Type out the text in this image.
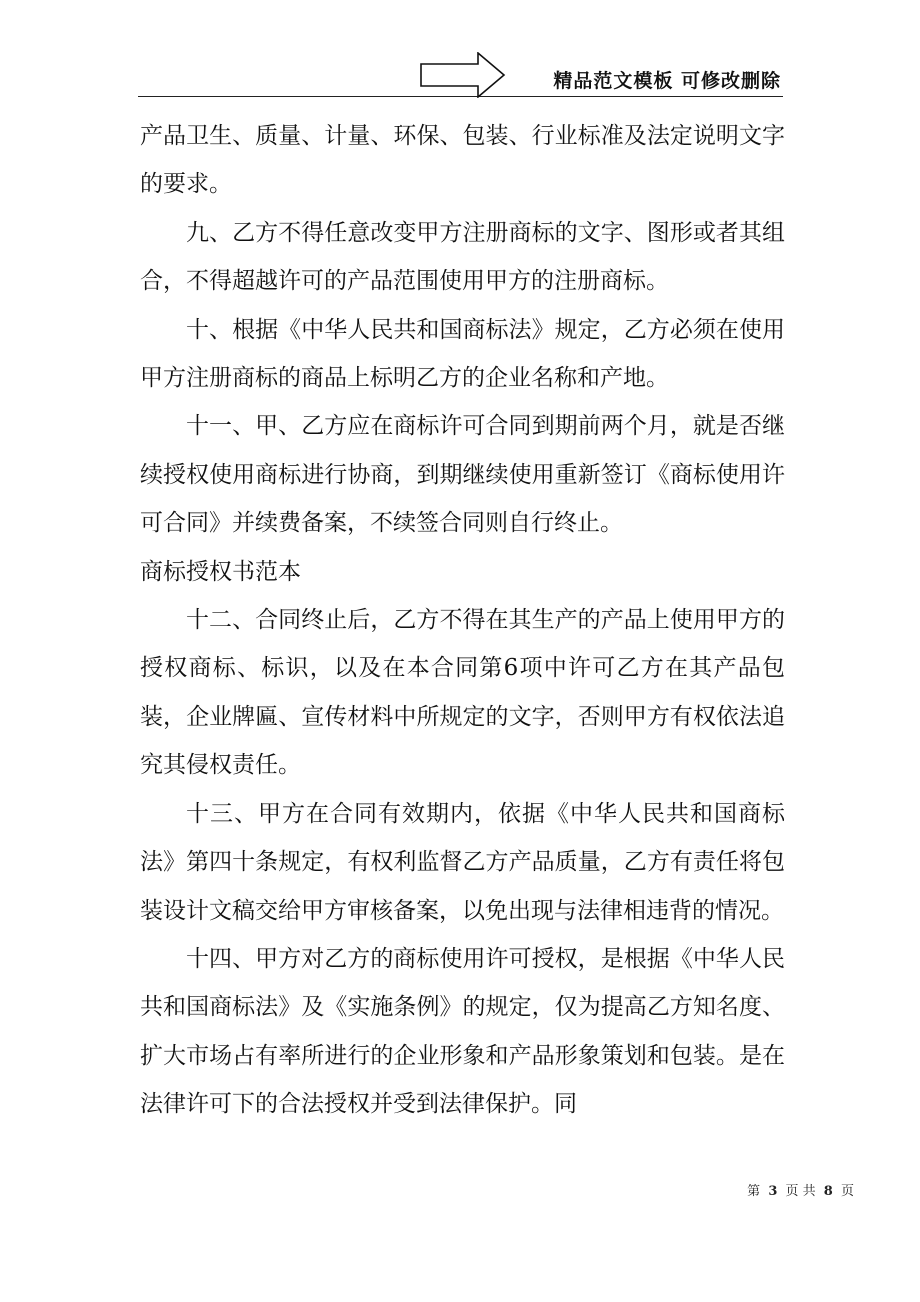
精品范文模板 可修改删除

产品卫生、质量、计量、环保、包装、行业标准及法定说明文字的要求。

九、乙方不得任意改变甲方注册商标的文字、图形或者其组合，不得超越许可的产品范围使用甲方的注册商标。

十、根据《中华人民共和国商标法》规定，乙方必须在使用甲方注册商标的商品上标明乙方的企业名称和产地。

十一、甲、乙方应在商标许可合同到期前两个月，就是否继续授权使用商标进行协商，到期继续使用重新签订《商标使用许可合同》并续费备案，不续签合同则自行终止。

商标授权书范本

十二、合同终止后，乙方不得在其生产的产品上使用甲方的授权商标、标识，以及在本合同第6项中许可乙方在其产品包装，企业牌匾、宣传材料中所规定的文字，否则甲方有权依法追究其侵权责任。

十三、甲方在合同有效期内，依据《中华人民共和国商标法》第四十条规定，有权利监督乙方产品质量，乙方有责任将包装设计文稿交给甲方审核备案，以免出现与法律相违背的情况。

十四、甲方对乙方的商标使用许可授权，是根据《中华人民共和国商标法》及《实施条例》的规定，仅为提高乙方知名度、扩大市场占有率所进行的企业形象和产品形象策划和包装。是在法律许可下的合法授权并受到法律保护。同

第 3 页 共 8 页
